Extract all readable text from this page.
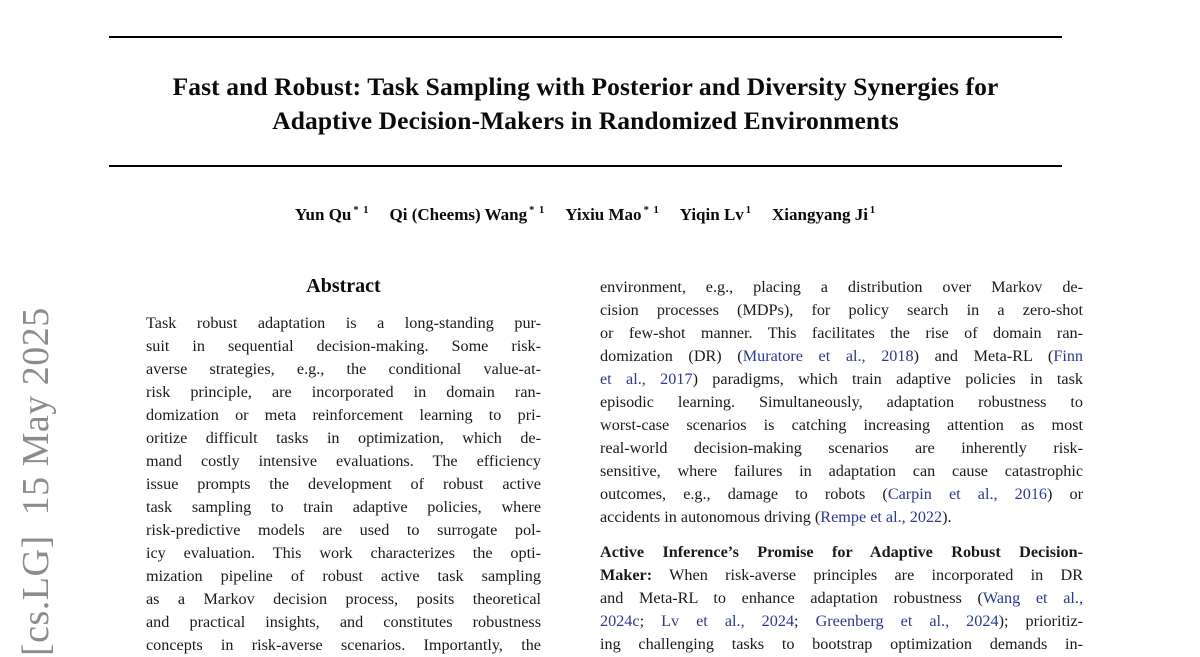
[cs.LG]  15 May 2025
Fast and Robust: Task Sampling with Posterior and Diversity Synergies for
Adaptive Decision-Makers in Randomized Environments
Yun Qu $^{* 1}$ Qi (Cheems) Wang $^{* 1}$ Yixiu Mao $^{* 1}$ Yiqin Lv $^1$ Xiangyang Ji $^1$
Abstract
Task robust adaptation is a long-standing pur-
suit in sequential decision-making. Some risk-
averse strategies, e.g., the conditional value-at-
risk principle, are incorporated in domain ran-
domization or meta reinforcement learning to pri-
oritize difficult tasks in optimization, which de-
mand costly intensive evaluations. The efficiency
issue prompts the development of robust active
task sampling to train adaptive policies, where
risk-predictive models are used to surrogate pol-
icy evaluation. This work characterizes the opti-
mization pipeline of robust active task sampling
as a Markov decision process, posits theoretical
and practical insights, and constitutes robustness
concepts in risk-averse scenarios. Importantly, the
environment, e.g., placing a distribution over Markov de-
cision processes (MDPs), for policy search in a zero-shot
or few-shot manner. This facilitates the rise of domain ran-
domization (DR) (Muratore et al., 2018) and Meta-RL (Finn
et al., 2017) paradigms, which train adaptive policies in task
episodic learning. Simultaneously, adaptation robustness to
worst-case scenarios is catching increasing attention as most
real-world decision-making scenarios are inherently risk-
sensitive, where failures in adaptation can cause catastrophic
outcomes, e.g., damage to robots (Carpin et al., 2016) or
accidents in autonomous driving (Rempe et al., 2022).
Active Inference’s Promise for Adaptive Robust Decision-
Maker: When risk-averse principles are incorporated in DR
and Meta-RL to enhance adaptation robustness (Wang et al.,
2024c; Lv et al., 2024; Greenberg et al., 2024); prioritiz-
ing challenging tasks to bootstrap optimization demands in-
